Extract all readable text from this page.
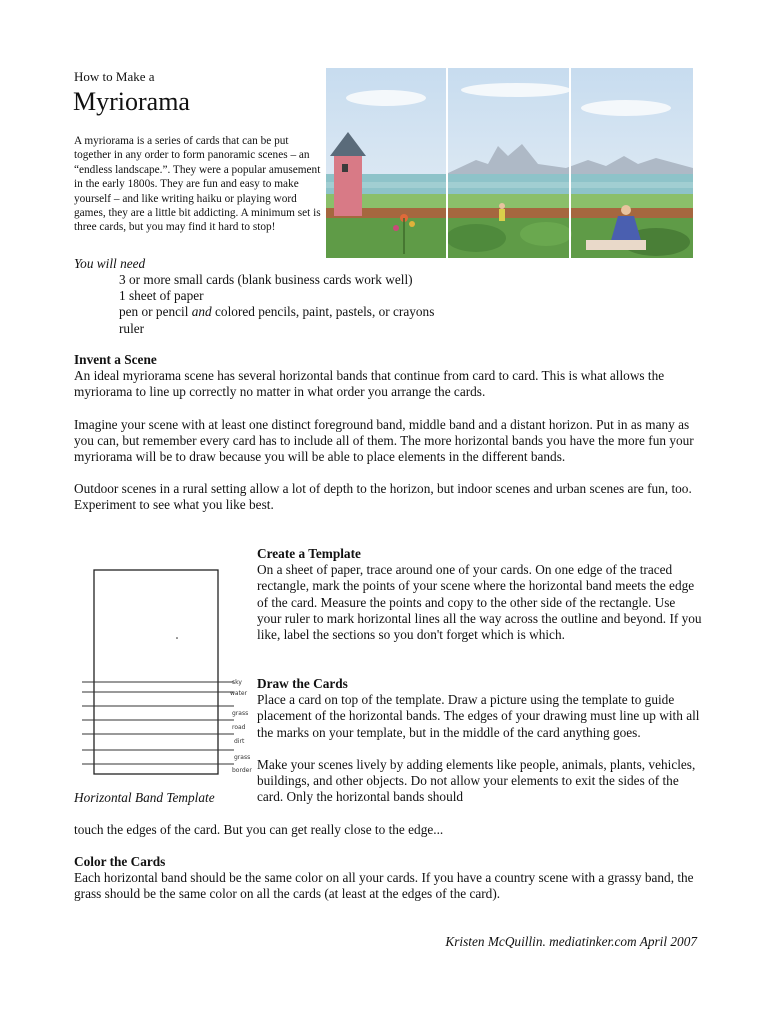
How to Make a
Myriorama
A myriorama is a series of cards that can be put together in any order to form panoramic scenes – an “endless landscape.”. They were a popular amusement in the early 1800s. They are fun and easy to make yourself – and like writing haiku or playing word games, they are a little bit addicting. A minimum set is three cards, but you may find it hard to stop!
You will need
3 or more small cards (blank business cards work well)
1 sheet of paper
pen or pencil and colored pencils, paint, pastels, or crayons
ruler
Invent a Scene

An ideal myriorama scene has several horizontal bands that continue from card to card. This is what allows the myriorama to line up correctly no matter in what order you arrange the cards.

Imagine your scene with at least one distinct foreground band, middle band and a distant horizon. Put in as many as you can, but remember every card has to include all of them. The more horizontal bands you have the more fun your myriorama will be to draw because you will be able to place elements in the different bands.

Outdoor scenes in a rural setting allow a lot of depth to the horizon, but indoor scenes and urban scenes are fun, too. Experiment to see what you like best.

sky
water
grass
road
dirt
grass
border
Horizontal Band Template
Create a Template

On a sheet of paper, trace around one of your cards. On one edge of the traced rectangle, mark the points of your scene where the horizontal band meets the edge of the card. Measure the points and copy to the other side of the rectangle. Use your ruler to mark horizontal lines all the way across the outline and beyond. If you like, label the sections so you don't forget which is which.

Draw the Cards

Place a card on top of the template. Draw a picture using the template to guide placement of the horizontal bands. The edges of your drawing must line up with all the marks on your template, but in the middle of the card anything goes.

Make your scenes lively by adding elements like people, animals, plants, vehicles, buildings, and other objects. Do not allow your elements to exit the sides of the card. Only the horizontal bands should

touch the edges of the card. But you can get really close to the edge...
Color the Cards

Each horizontal band should be the same color on all your cards. If you have a country scene with a grassy band, the grass should be the same color on all the cards (at least at the edges of the card).

Kristen McQuillin. mediatinker.com April 2007
